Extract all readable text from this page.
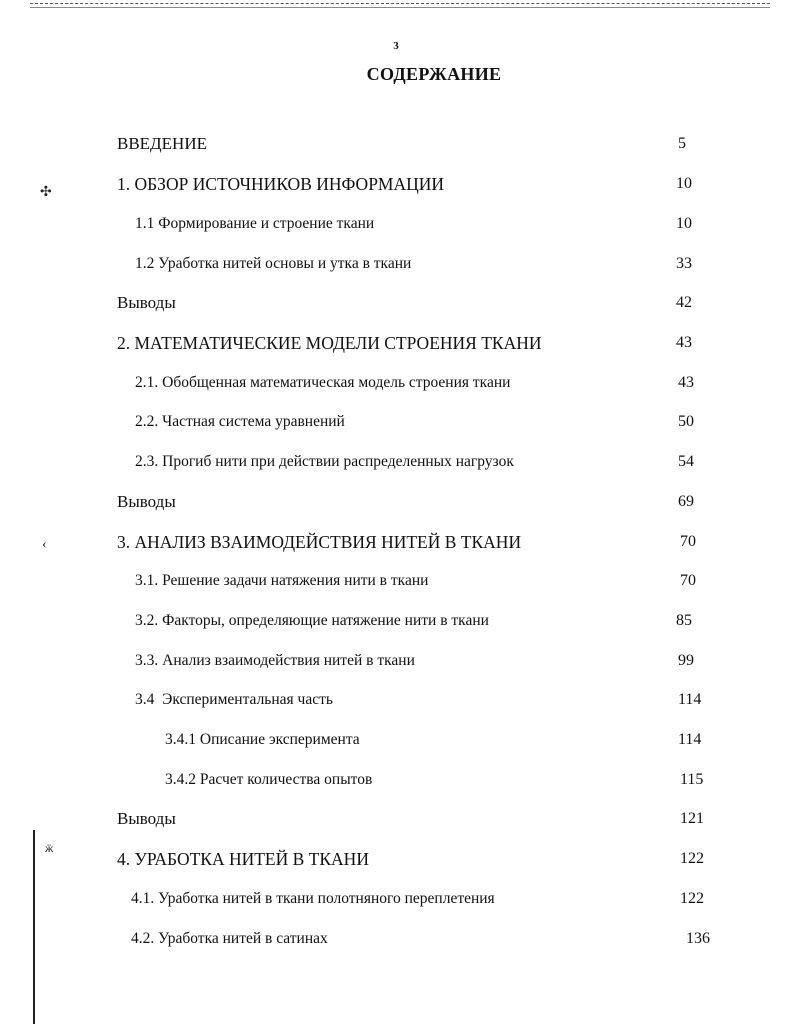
✣
‹
ӝ
3
СОДЕРЖАНИЕ
ВВЕДЕНИЕ	5
1. ОБЗОР ИСТОЧНИКОВ ИНФОРМАЦИИ	10
1.1 Формирование и строение ткани	10
1.2 Уработка нитей основы и утка в ткани	33
Выводы	42
2. МАТЕМАТИЧЕСКИЕ МОДЕЛИ СТРОЕНИЯ ТКАНИ	43
2.1. Обобщенная математическая модель строения ткани	43
2.2. Частная система уравнений	50
2.3. Прогиб нити при действии распределенных нагрузок	54
Выводы	69
3. АНАЛИЗ ВЗАИМОДЕЙСТВИЯ НИТЕЙ В ТКАНИ	70
3.1. Решение задачи натяжения нити в ткани	70
3.2. Факторы, определяющие натяжение нити в ткани	85
3.3. Анализ взаимодействия нитей в ткани	99
3.4  Экспериментальная часть	114
3.4.1 Описание эксперимента	114
3.4.2 Расчет количества опытов	115
Выводы	121
4. УРАБОТКА НИТЕЙ В ТКАНИ	122
4.1. Уработка нитей в ткани полотняного переплетения	122
4.2. Уработка нитей в сатинах	136
